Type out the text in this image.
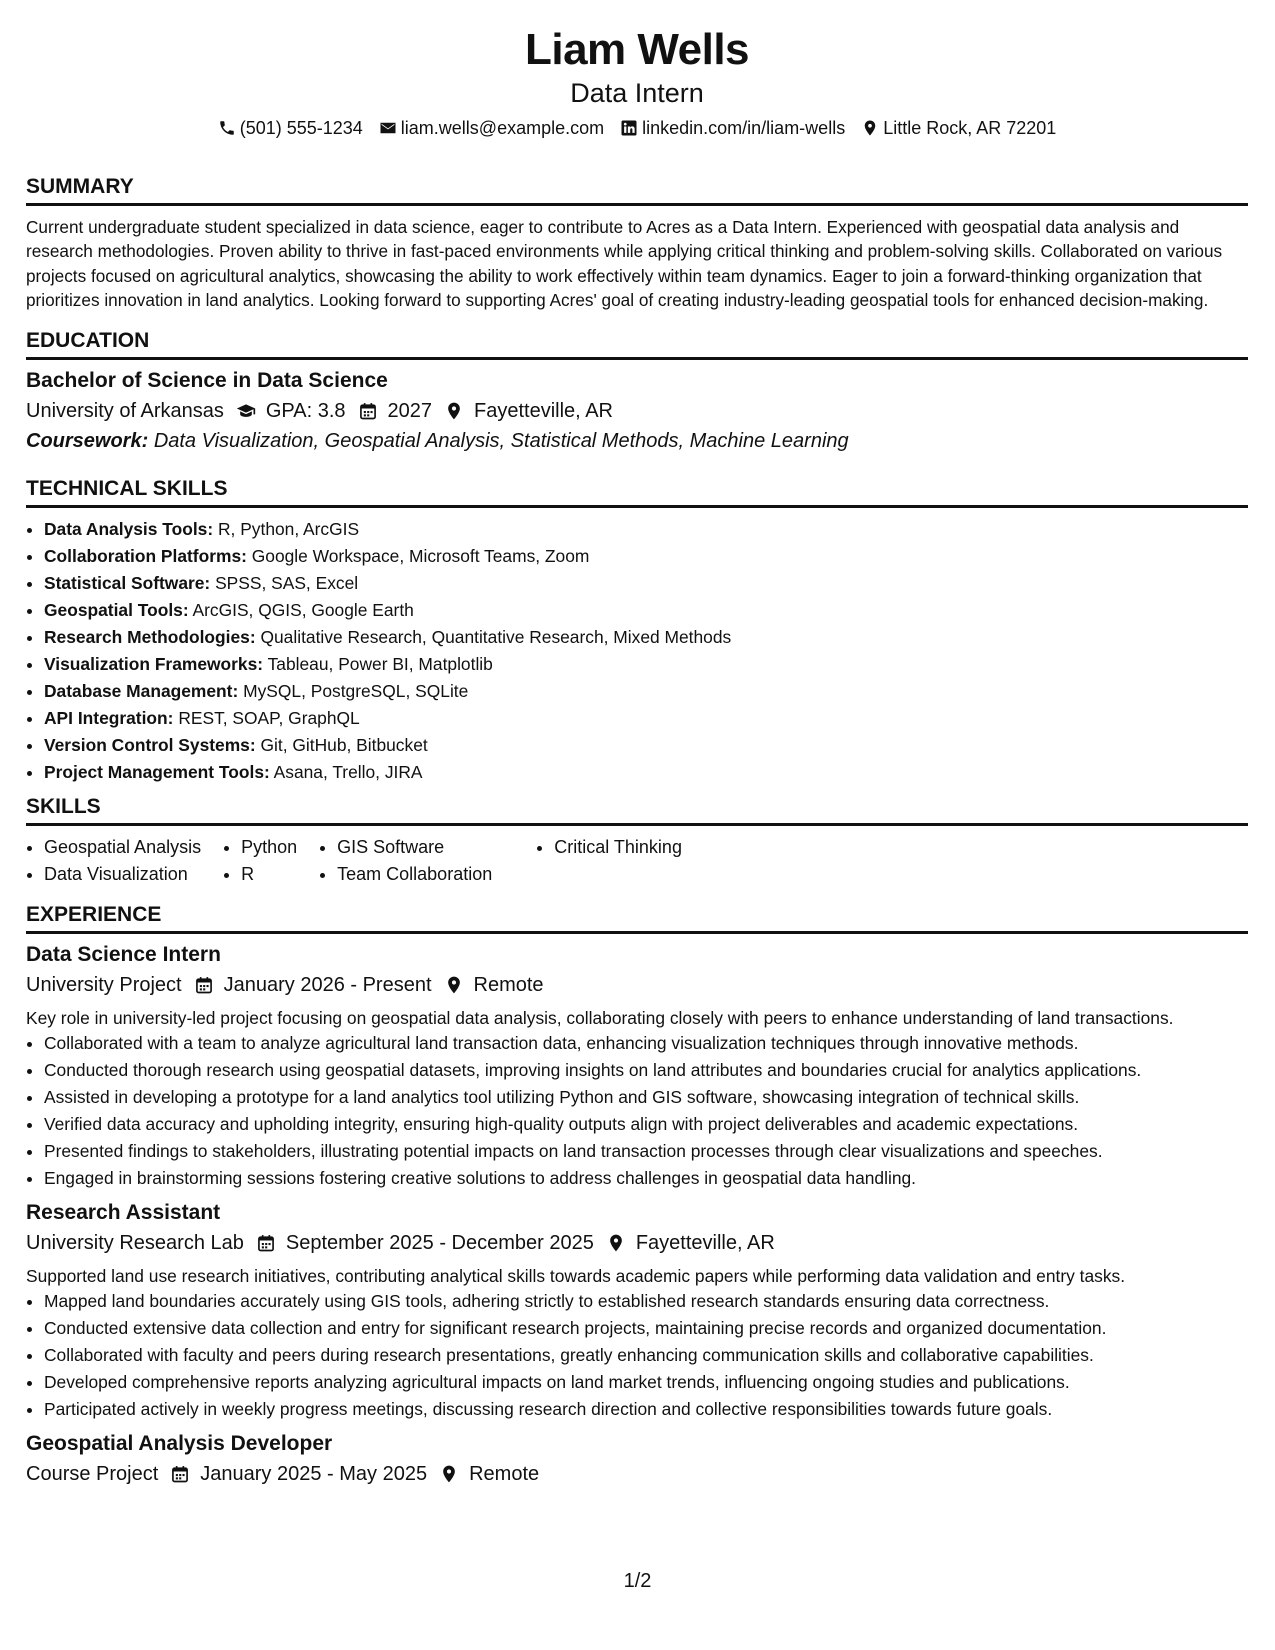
Liam Wells
Data Intern
(501) 555-1234 liam.wells@example.com linkedin.com/in/liam-wells Little Rock, AR 72201
SUMMARY
Current undergraduate student specialized in data science, eager to contribute to Acres as a Data Intern. Experienced with geospatial data analysis and research methodologies. Proven ability to thrive in fast-paced environments while applying critical thinking and problem-solving skills. Collaborated on various projects focused on agricultural analytics, showcasing the ability to work effectively within team dynamics. Eager to join a forward-thinking organization that prioritizes innovation in land analytics. Looking forward to supporting Acres' goal of creating industry-leading geospatial tools for enhanced decision-making.
EDUCATION
Bachelor of Science in Data Science
University of Arkansas GPA: 3.8 2027 Fayetteville, AR
Coursework: Data Visualization, Geospatial Analysis, Statistical Methods, Machine Learning
TECHNICAL SKILLS
• Data Analysis Tools: R, Python, ArcGIS
• Collaboration Platforms: Google Workspace, Microsoft Teams, Zoom
• Statistical Software: SPSS, SAS, Excel
• Geospatial Tools: ArcGIS, QGIS, Google Earth
• Research Methodologies: Qualitative Research, Quantitative Research, Mixed Methods
• Visualization Frameworks: Tableau, Power BI, Matplotlib
• Database Management: MySQL, PostgreSQL, SQLite
• API Integration: REST, SOAP, GraphQL
• Version Control Systems: Git, GitHub, Bitbucket
• Project Management Tools: Asana, Trello, JIRA
SKILLS
• Geospatial Analysis
• Data Visualization
• Python
• R
• GIS Software
• Team Collaboration
• Critical Thinking
EXPERIENCE
Data Science Intern
University Project January 2026 - Present Remote
Key role in university-led project focusing on geospatial data analysis, collaborating closely with peers to enhance understanding of land transactions.
• Collaborated with a team to analyze agricultural land transaction data, enhancing visualization techniques through innovative methods.
• Conducted thorough research using geospatial datasets, improving insights on land attributes and boundaries crucial for analytics applications.
• Assisted in developing a prototype for a land analytics tool utilizing Python and GIS software, showcasing integration of technical skills.
• Verified data accuracy and upholding integrity, ensuring high-quality outputs align with project deliverables and academic expectations.
• Presented findings to stakeholders, illustrating potential impacts on land transaction processes through clear visualizations and speeches.
• Engaged in brainstorming sessions fostering creative solutions to address challenges in geospatial data handling.
Research Assistant
University Research Lab September 2025 - December 2025 Fayetteville, AR
Supported land use research initiatives, contributing analytical skills towards academic papers while performing data validation and entry tasks.
• Mapped land boundaries accurately using GIS tools, adhering strictly to established research standards ensuring data correctness.
• Conducted extensive data collection and entry for significant research projects, maintaining precise records and organized documentation.
• Collaborated with faculty and peers during research presentations, greatly enhancing communication skills and collaborative capabilities.
• Developed comprehensive reports analyzing agricultural impacts on land market trends, influencing ongoing studies and publications.
• Participated actively in weekly progress meetings, discussing research direction and collective responsibilities towards future goals.
Geospatial Analysis Developer
Course Project January 2025 - May 2025 Remote
1/2
